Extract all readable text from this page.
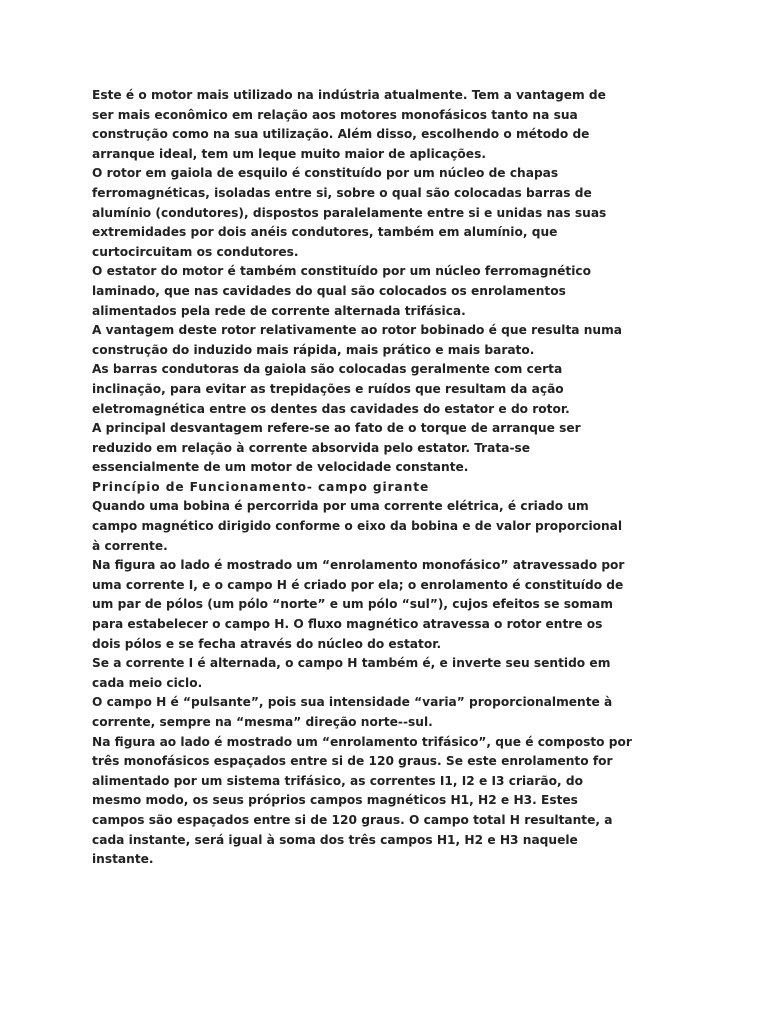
Este é o motor mais utilizado na indústria atualmente. Tem a vantagem de
ser mais econômico em relação aos motores monofásicos tanto na sua
construção como na sua utilização. Além disso, escolhendo o método de
arranque ideal, tem um leque muito maior de aplicações.
O rotor em gaiola de esquilo é constituído por um núcleo de chapas
ferromagnéticas, isoladas entre si, sobre o qual são colocadas barras de
alumínio (condutores), dispostos paralelamente entre si e unidas nas suas
extremidades por dois anéis condutores, também em alumínio, que
curtocircuitam os condutores.
O estator do motor é também constituído por um núcleo ferromagnético
laminado, que nas cavidades do qual são colocados os enrolamentos
alimentados pela rede de corrente alternada trifásica.
A vantagem deste rotor relativamente ao rotor bobinado é que resulta numa
construção do induzido mais rápida, mais prático e mais barato.
As barras condutoras da gaiola são colocadas geralmente com certa
inclinação, para evitar as trepidações e ruídos que resultam da ação
eletromagnética entre os dentes das cavidades do estator e do rotor.
A principal desvantagem refere-se ao fato de o torque de arranque ser
reduzido em relação à corrente absorvida pelo estator. Trata-se
essencialmente de um motor de velocidade constante.
Princípio de Funcionamento- campo girante
Quando uma bobina é percorrida por uma corrente elétrica, é criado um
campo magnético dirigido conforme o eixo da bobina e de valor proporcional
à corrente.
Na figura ao lado é mostrado um “enrolamento monofásico” atravessado por
uma corrente I, e o campo H é criado por ela; o enrolamento é constituído de
um par de pólos (um pólo “norte” e um pólo “sul”), cujos efeitos se somam
para estabelecer o campo H. O fluxo magnético atravessa o rotor entre os
dois pólos e se fecha através do núcleo do estator.
Se a corrente I é alternada, o campo H também é, e inverte seu sentido em
cada meio ciclo.
O campo H é “pulsante”, pois sua intensidade “varia” proporcionalmente à
corrente, sempre na “mesma” direção norte--sul.
Na figura ao lado é mostrado um “enrolamento trifásico”, que é composto por
três monofásicos espaçados entre si de 120 graus. Se este enrolamento for
alimentado por um sistema trifásico, as correntes I1, I2 e I3 criarão, do
mesmo modo, os seus próprios campos magnéticos H1, H2 e H3. Estes
campos são espaçados entre si de 120 graus. O campo total H resultante, a
cada instante, será igual à soma dos três campos H1, H2 e H3 naquele
instante.
